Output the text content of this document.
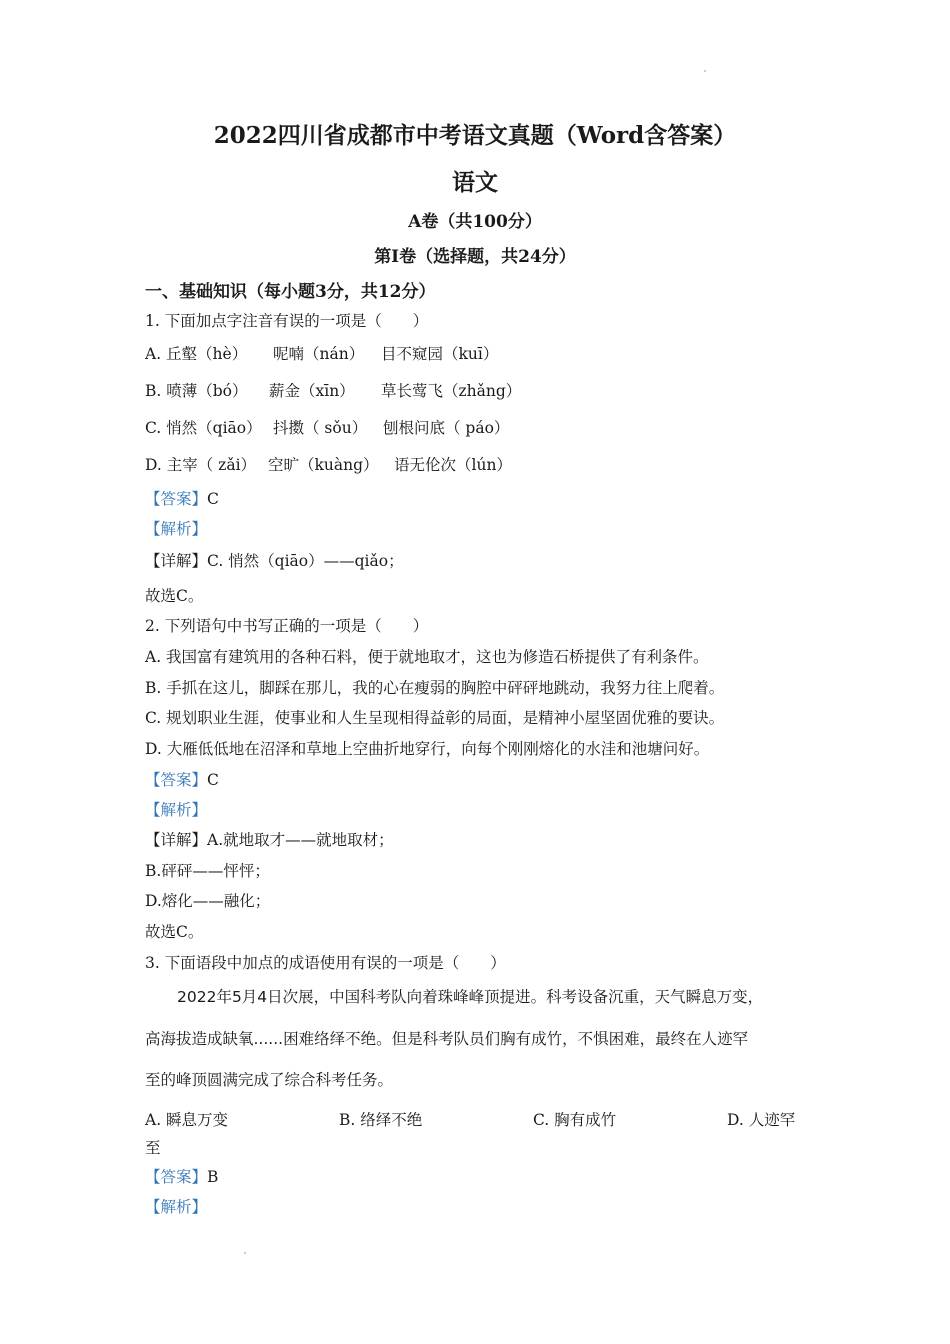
2022四川省成都市中考语文真题（Word含答案）
语文
A卷（共100分）
第Ⅰ卷（选择题，共24分）
一、基础知识（每小题3分，共12分）
1. 下面加点字注音有误的一项是（　　）
A. 丘壑（hè） 呢喃（nán） 目不窥园（kuī）
B. 喷薄（bó） 薪金（xīn） 草长莺飞（zhǎng）
C. 悄然（qiāo） 抖擞（ sǒu） 刨根问底（ páo）
D. 主宰（ zǎi） 空旷（kuàng） 语无伦次（lún）
【答案】C
【解析】
【详解】C. 悄然（qiāo）——qiǎo；
故选C。
2. 下列语句中书写正确的一项是（　　）
A. 我国富有建筑用的各种石料，便于就地取才，这也为修造石桥提供了有利条件。
B. 手抓在这儿，脚踩在那儿，我的心在瘦弱的胸腔中砰砰地跳动，我努力往上爬着。
C. 规划职业生涯，使事业和人生呈现相得益彰的局面，是精神小屋坚固优雅的要诀。
D. 大雁低低地在沼泽和草地上空曲折地穿行，向每个刚刚熔化的水洼和池塘问好。
【答案】C
【解析】
【详解】A.就地取才——就地取材；
B.砰砰——怦怦；
D.熔化——融化；
故选C。
3. 下面语段中加点的成语使用有误的一项是（　　）
2022年5月4日次展，中国科考队向着珠峰峰顶提进。科考设备沉重，天气瞬息万变，
高海拔造成缺氧......困难络绎不绝。但是科考队员们胸有成竹，不惧困难，最终在人迹罕
至的峰顶圆满完成了综合科考任务。
A. 瞬息万变	B. 络绎不绝	C. 胸有成竹	D. 人迹罕
至
【答案】B
【解析】
